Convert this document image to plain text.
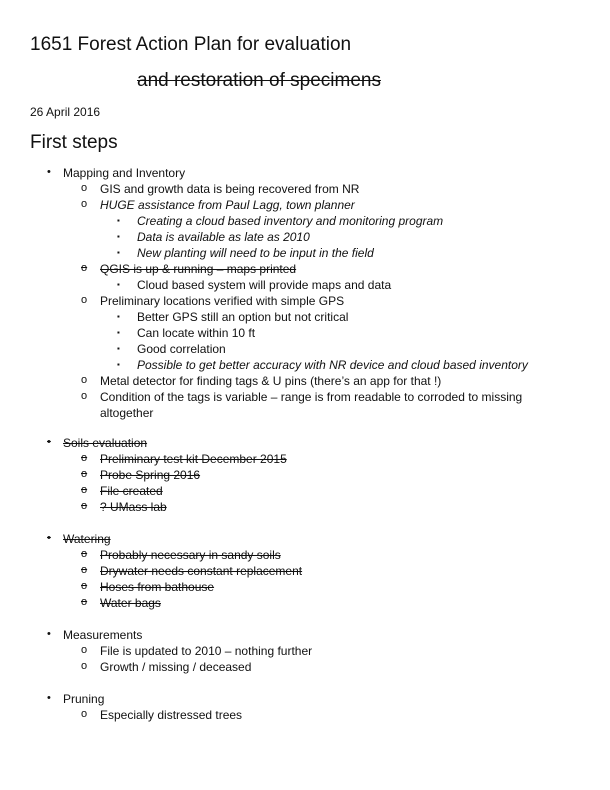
1651 Forest Action Plan for evaluation
and restoration of specimens
26 April 2016
First steps
• Mapping and Inventory
o GIS and growth data is being recovered from NR
o HUGE assistance from Paul Lagg, town planner
▪ Creating a cloud based inventory and monitoring program
▪ Data is available as late as 2010
▪ New planting will need to be input in the field
o QGIS is up & running – maps printed
▪ Cloud based system will provide maps and data
o Preliminary locations verified with simple GPS
▪ Better GPS still an option but not critical
▪ Can locate within 10 ft
▪ Good correlation
▪ Possible to get better accuracy with NR device and cloud based inventory
o Metal detector for finding tags & U pins (there’s an app for that !)
o Condition of the tags is variable – range is from readable to corroded to missing altogether
• Soils evaluation
o Preliminary test kit December 2015
o Probe Spring 2016
o File created
o ? UMass lab
• Watering
o Probably necessary in sandy soils
o Drywater needs constant replacement
o Hoses from bathouse
o Water bags
• Measurements
o File is updated to 2010 – nothing further
o Growth / missing / deceased
• Pruning
o Especially distressed trees
